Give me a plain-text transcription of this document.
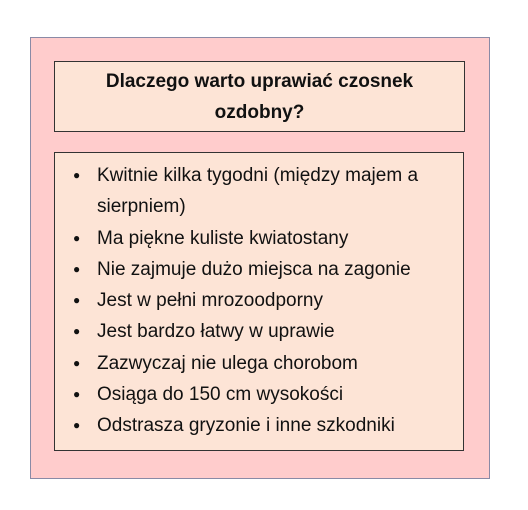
Dlaczego warto uprawiać czosnek ozdobny?
● Kwitnie kilka tygodni (między majem a sierpniem)
● Ma piękne kuliste kwiatostany
● Nie zajmuje dużo miejsca na zagonie
● Jest w pełni mrozoodporny
● Jest bardzo łatwy w uprawie
● Zazwyczaj nie ulega chorobom
● Osiąga do 150 cm wysokości
● Odstrasza gryzonie i inne szkodniki
